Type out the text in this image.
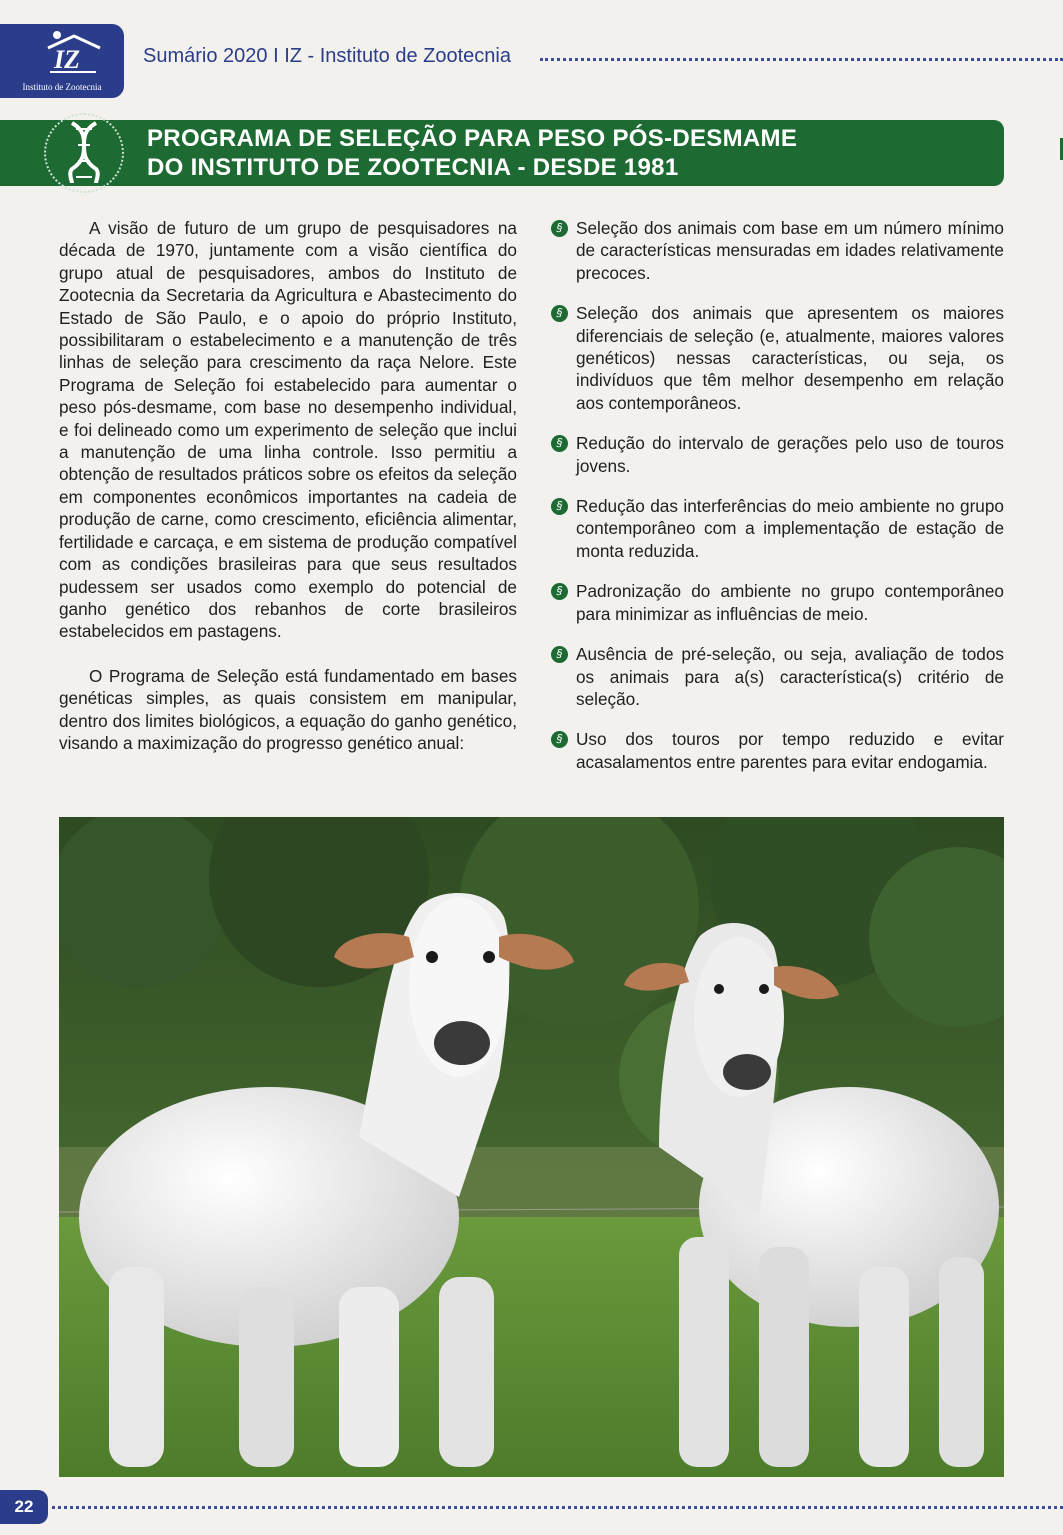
IZ
Instituto de Zootecnia
Sumário 2020 I IZ - Instituto de Zootecnia
PROGRAMA DE SELEÇÃO PARA PESO PÓS-DESMAME
DO INSTITUTO DE ZOOTECNIA - DESDE 1981

A visão de futuro de um grupo de pesquisadores na década de 1970, juntamente com a visão científica do grupo atual de pesquisadores, ambos do Instituto de Zootecnia da Secretaria da Agricultura e Abastecimento do Estado de São Paulo, e o apoio do próprio Instituto, possibilitaram o estabelecimento e a manutenção de três linhas de seleção para crescimento da raça Nelore. Este Programa de Seleção foi estabelecido para aumentar o peso pós-desmame, com base no desempenho individual, e foi delineado como um experimento de seleção que inclui a manutenção de uma linha controle. Isso permitiu a obtenção de resultados práticos sobre os efeitos da seleção em componentes econômicos importantes na cadeia de produção de carne, como crescimento, eficiência alimentar, fertilidade e carcaça, e em sistema de produção compatível com as condições brasileiras para que seus resultados pudessem ser usados como exemplo do potencial de ganho genético dos rebanhos de corte brasileiros estabelecidos em pastagens.

O Programa de Seleção está fundamentado em bases genéticas simples, as quais consistem em manipular, dentro dos limites biológicos, a equação do ganho genético, visando a maximização do progresso genético anual:

§ Seleção dos animais com base em um número mínimo de características mensuradas em idades relativamente precoces.
§ Seleção dos animais que apresentem os maiores diferenciais de seleção (e, atualmente, maiores valores genéticos) nessas características, ou seja, os indivíduos que têm melhor desempenho em relação aos contemporâneos.
§ Redução do intervalo de gerações pelo uso de touros jovens.
§ Redução das interferências do meio ambiente no grupo contemporâneo com a implementação de estação de monta reduzida.
§ Padronização do ambiente no grupo contemporâneo para minimizar as influências de meio.
§ Ausência de pré-seleção, ou seja, avaliação de todos os animais para a(s) característica(s) critério de seleção.
§ Uso dos touros por tempo reduzido e evitar acasalamentos entre parentes para evitar endogamia.
22
